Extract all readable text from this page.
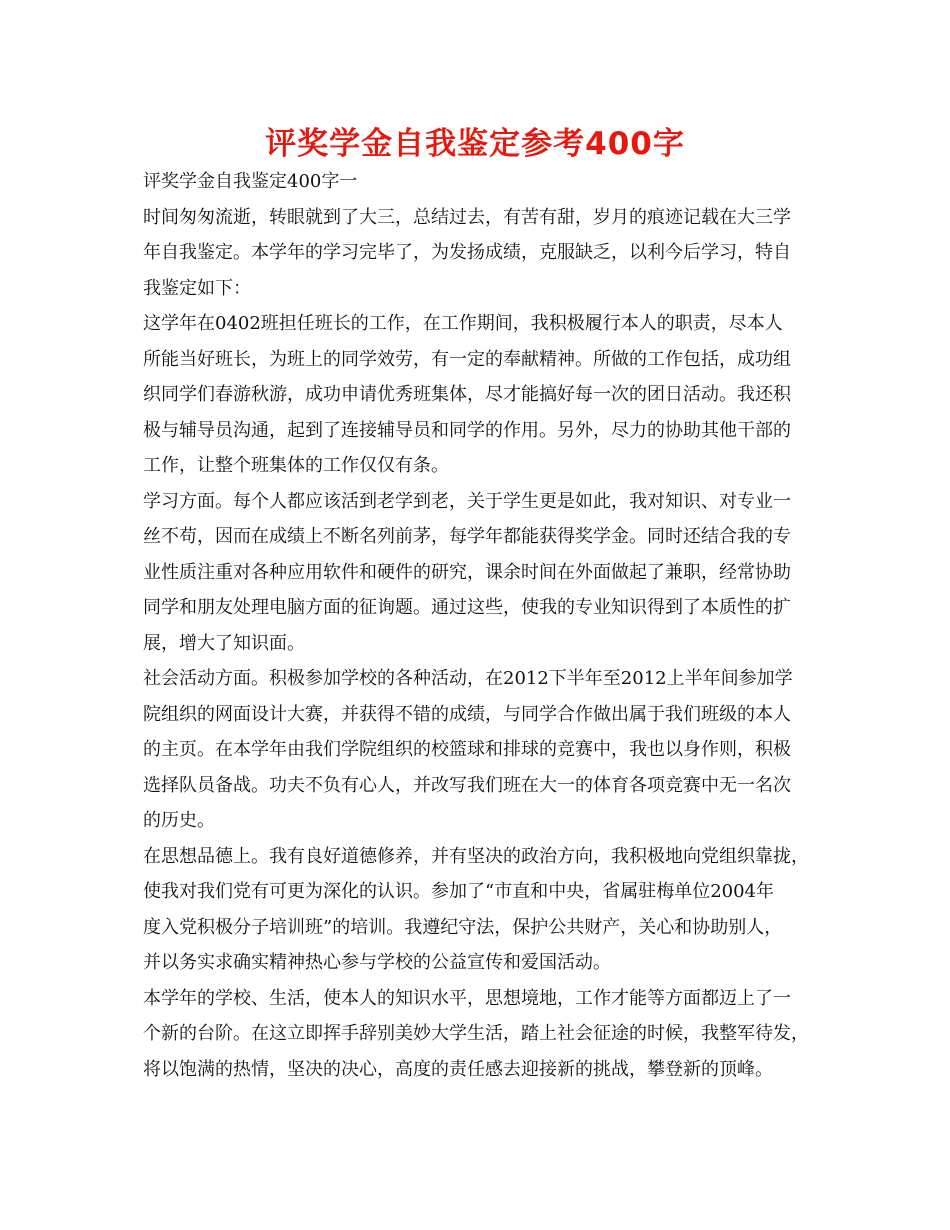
评奖学金自我鉴定参考400字
评奖学金自我鉴定400字一
时间匆匆流逝，转眼就到了大三，总结过去，有苦有甜，岁月的痕迹记载在大三学
年自我鉴定。本学年的学习完毕了，为发扬成绩，克服缺乏，以利今后学习，特自
我鉴定如下：
这学年在0402班担任班长的工作，在工作期间，我积极履行本人的职责，尽本人
所能当好班长，为班上的同学效劳，有一定的奉献精神。所做的工作包括，成功组
织同学们春游秋游，成功申请优秀班集体，尽才能搞好每一次的团日活动。我还积
极与辅导员沟通，起到了连接辅导员和同学的作用。另外，尽力的协助其他干部的
工作，让整个班集体的工作仅仅有条。
学习方面。每个人都应该活到老学到老，关于学生更是如此，我对知识、对专业一
丝不苟，因而在成绩上不断名列前茅，每学年都能获得奖学金。同时还结合我的专
业性质注重对各种应用软件和硬件的研究，课余时间在外面做起了兼职，经常协助
同学和朋友处理电脑方面的征询题。通过这些，使我的专业知识得到了本质性的扩
展，增大了知识面。
社会活动方面。积极参加学校的各种活动，在2012下半年至2012上半年间参加学
院组织的网面设计大赛，并获得不错的成绩，与同学合作做出属于我们班级的本人
的主页。在本学年由我们学院组织的校篮球和排球的竞赛中，我也以身作则，积极
选择队员备战。功夫不负有心人，并改写我们班在大一的体育各项竞赛中无一名次
的历史。
在思想品德上。我有良好道德修养，并有坚决的政治方向，我积极地向党组织靠拢，
使我对我们党有可更为深化的认识。参加了“市直和中央，省属驻梅单位2004年
度入党积极分子培训班”的培训。我遵纪守法，保护公共财产，关心和协助别人，
并以务实求确实精神热心参与学校的公益宣传和爱国活动。
本学年的学校、生活，使本人的知识水平，思想境地，工作才能等方面都迈上了一
个新的台阶。在这立即挥手辞别美妙大学生活，踏上社会征途的时候，我整军待发，
将以饱满的热情，坚决的决心，高度的责任感去迎接新的挑战，攀登新的顶峰。
